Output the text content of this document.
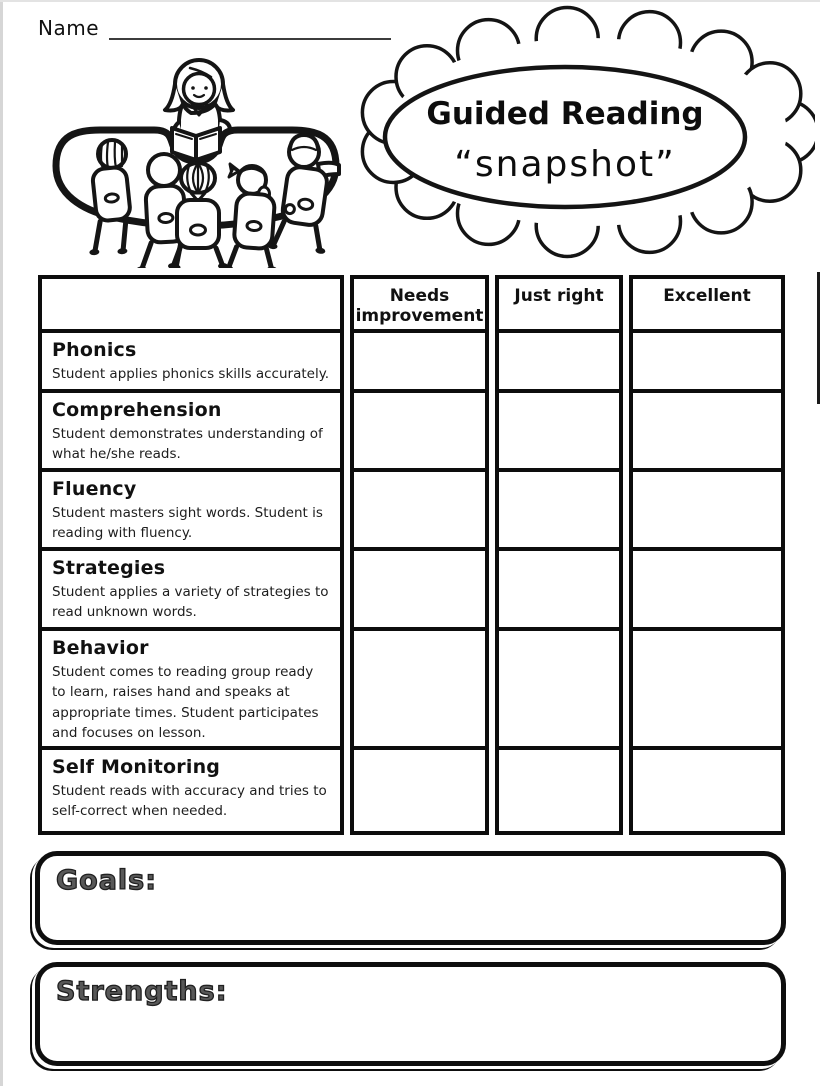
Name
Guided Reading
“snapshot”
Needs improvement
Just right	Excellent
Phonics

Student applies phonics skills accurately.

Comprehension

Student demonstrates understanding of what he/she reads.

Fluency

Student masters sight words. Student is reading with fluency.

Strategies

Student applies a variety of strategies to read unknown words.

Behavior

Student comes to reading group ready to learn, raises hand and speaks at appropriate times. Student participates and focuses on lesson.

Self Monitoring

Student reads with accuracy and tries to self-correct when needed.

Goals:
Strengths:
